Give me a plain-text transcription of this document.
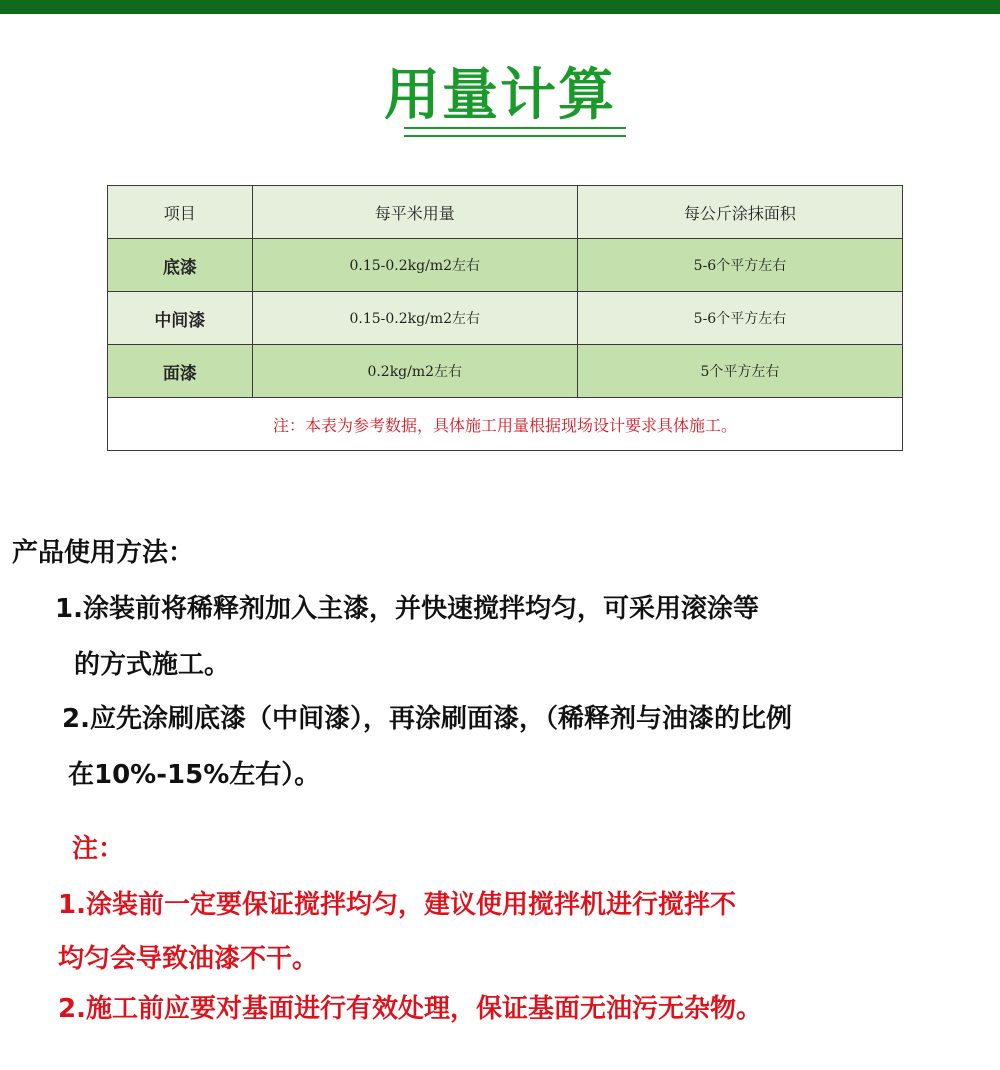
用量计算
项目	每平米用量	每公斤涂抹面积
底漆	0.15-0.2kg/m2左右	5-6个平方左右
中间漆	0.15-0.2kg/m2左右	5-6个平方左右
面漆	0.2kg/m2左右	5个平方左右
注：本表为参考数据，具体施工用量根据现场设计要求具体施工。		
产品使用方法：
1.涂装前将稀释剂加入主漆，并快速搅拌均匀，可采用滚涂等
的方式施工。
2.应先涂刷底漆（中间漆），再涂刷面漆，（稀释剂与油漆的比例
在10%-15%左右）。
注：
1.涂装前一定要保证搅拌均匀，建议使用搅拌机进行搅拌不
均匀会导致油漆不干。
2.施工前应要对基面进行有效处理，保证基面无油污无杂物。
